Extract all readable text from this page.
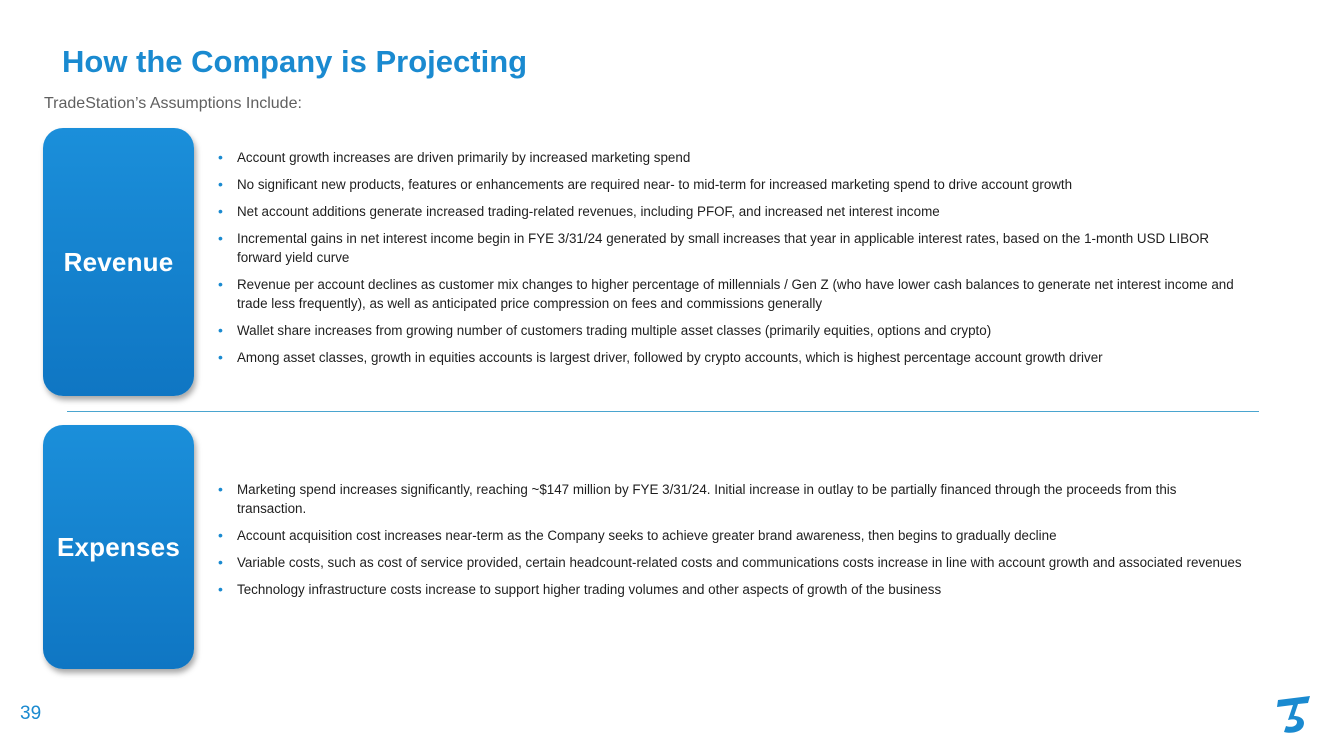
How the Company is Projecting
TradeStation’s Assumptions Include:
Revenue
• Account growth increases are driven primarily by increased marketing spend
• No significant new products, features or enhancements are required near- to mid-term for increased marketing spend to drive account growth
• Net account additions generate increased trading-related revenues, including PFOF, and increased net interest income
• Incremental gains in net interest income begin in FYE 3/31/24 generated by small increases that year in applicable interest rates, based on the 1-month USD LIBOR forward yield curve
• Revenue per account declines as customer mix changes to higher percentage of millennials / Gen Z (who have lower cash balances to generate net interest income and trade less frequently), as well as anticipated price compression on fees and commissions generally
• Wallet share increases from growing number of customers trading multiple asset classes (primarily equities, options and crypto)
• Among asset classes, growth in equities accounts is largest driver, followed by crypto accounts, which is highest percentage account growth driver
Expenses
• Marketing spend increases significantly, reaching ~$147 million by FYE 3/31/24. Initial increase in outlay to be partially financed through the proceeds from this transaction.
• Account acquisition cost increases near-term as the Company seeks to achieve greater brand awareness, then begins to gradually decline
• Variable costs, such as cost of service provided, certain headcount-related costs and communications costs increase in line with account growth and associated revenues
• Technology infrastructure costs increase to support higher trading volumes and other aspects of growth of the business
39
